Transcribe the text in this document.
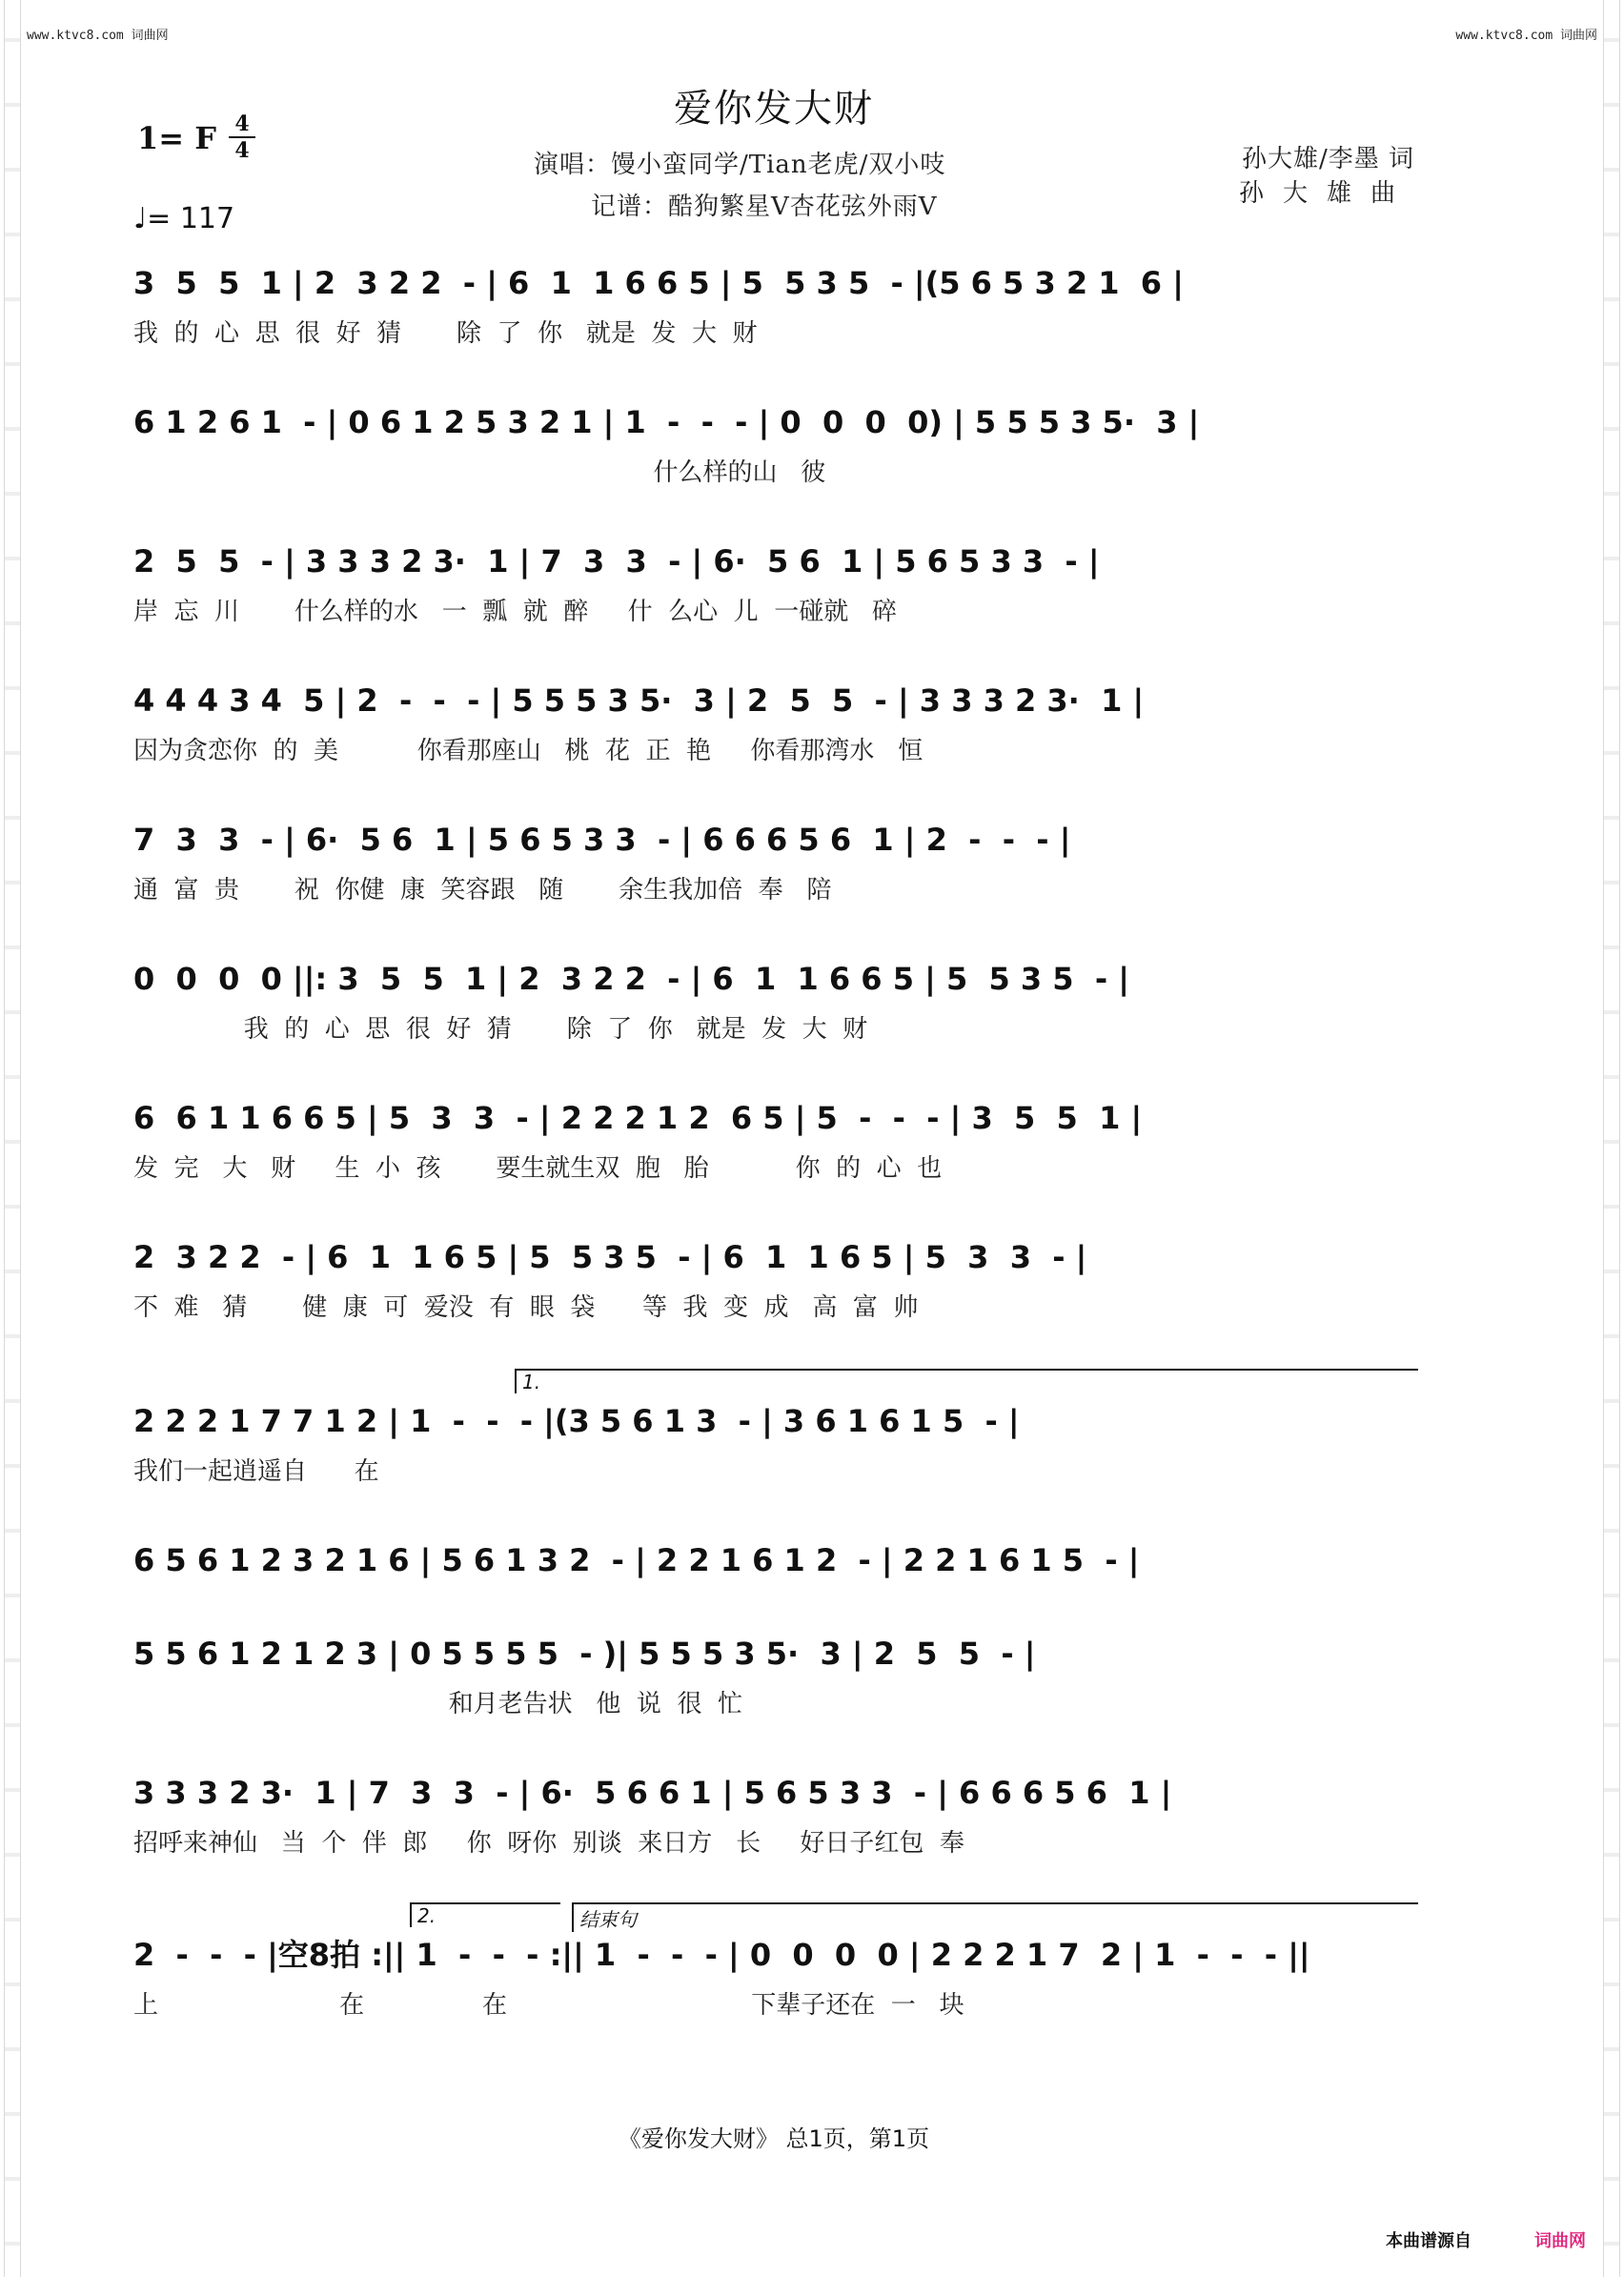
www.ktvc8.com 词曲网	www.ktvc8.com 词曲网
爱你发大财
1= F 4
4
♩= 117
演唱：馒小蛮同学/Tian老虎/双小吱
记谱：酷狗繁星V杏花弦外雨V
孙大雄/李墨 词
孙大雄曲
3  5  5  1 | 2  3 2 2  - | 6  1  1 6 6 5 | 5  5 3 5  - |(5 6 5 3 2 1  6 |
我  的  心  思  很  好  猜       除  了  你   就是  发  大  财
6 1 2 6 1  - | 0 6 1 2 5 3 2 1 | 1  -  -  - | 0  0  0  0) | 5 5 5 3 5·  3 |
什么样的山   彼
2  5  5  - | 3 3 3 2 3·  1 | 7  3  3  - | 6·  5 6  1 | 5 6 5 3 3  - |
岸  忘  川       什么样的水   一  瓢  就  醉     什  么心  儿  一碰就   碎
4 4 4 3 4  5 | 2  -  -  - | 5 5 5 3 5·  3 | 2  5  5  - | 3 3 3 2 3·  1 |
因为贪恋你  的  美          你看那座山   桃  花  正  艳     你看那湾水   恒
7  3  3  - | 6·  5 6  1 | 5 6 5 3 3  - | 6 6 6 5 6  1 | 2  -  -  - |
通  富  贵       祝  你健  康  笑容跟   随       余生我加倍  奉   陪
0  0  0  0 ||: 3  5  5  1 | 2  3 2 2  - | 6  1  1 6 6 5 | 5  5 3 5  - |
我  的  心  思  很  好  猜       除  了  你   就是  发  大  财
6  6 1 1 6 6 5 | 5  3  3  - | 2 2 2 1 2  6 5 | 5  -  -  - | 3  5  5  1 |
发  完   大   财     生  小  孩       要生就生双  胞   胎           你  的  心  也
2  3 2 2  - | 6  1  1 6 5 | 5  5 3 5  - | 6  1  1 6 5 | 5  3  3  - |
不  难   猜       健  康  可  爱没  有  眼  袋      等  我  变  成   高  富  帅
1.
2 2 2 1 7 7 1 2 | 1  -  -  - |(3 5 6 1 3  - | 3 6 1 6 1 5  - |
我们一起逍遥自      在
6 5 6 1 2 3 2 1 6 | 5 6 1 3 2  - | 2 2 1 6 1 2  - | 2 2 1 6 1 5  - |
5 5 6 1 2 1 2 3 | 0 5 5 5 5  - )| 5 5 5 3 5·  3 | 2  5  5  - |
和月老告状   他  说  很  忙
3 3 3 2 3·  1 | 7  3  3  - | 6·  5 6 6 1 | 5 6 5 3 3  - | 6 6 6 5 6  1 |
招呼来神仙   当  个  伴  郎     你  呀你  别谈  来日方   长     好日子红包  奉
2.	结束句
2  -  -  - |空8拍 :|| 1  -  -  - :|| 1  -  -  - | 0  0  0  0 | 2 2 2 1 7  2 | 1  -  -  - ||
上                       在               在                               下辈子还在  一   块
《爱你发大财》 总1页，第1页
本曲谱源自	词曲网
